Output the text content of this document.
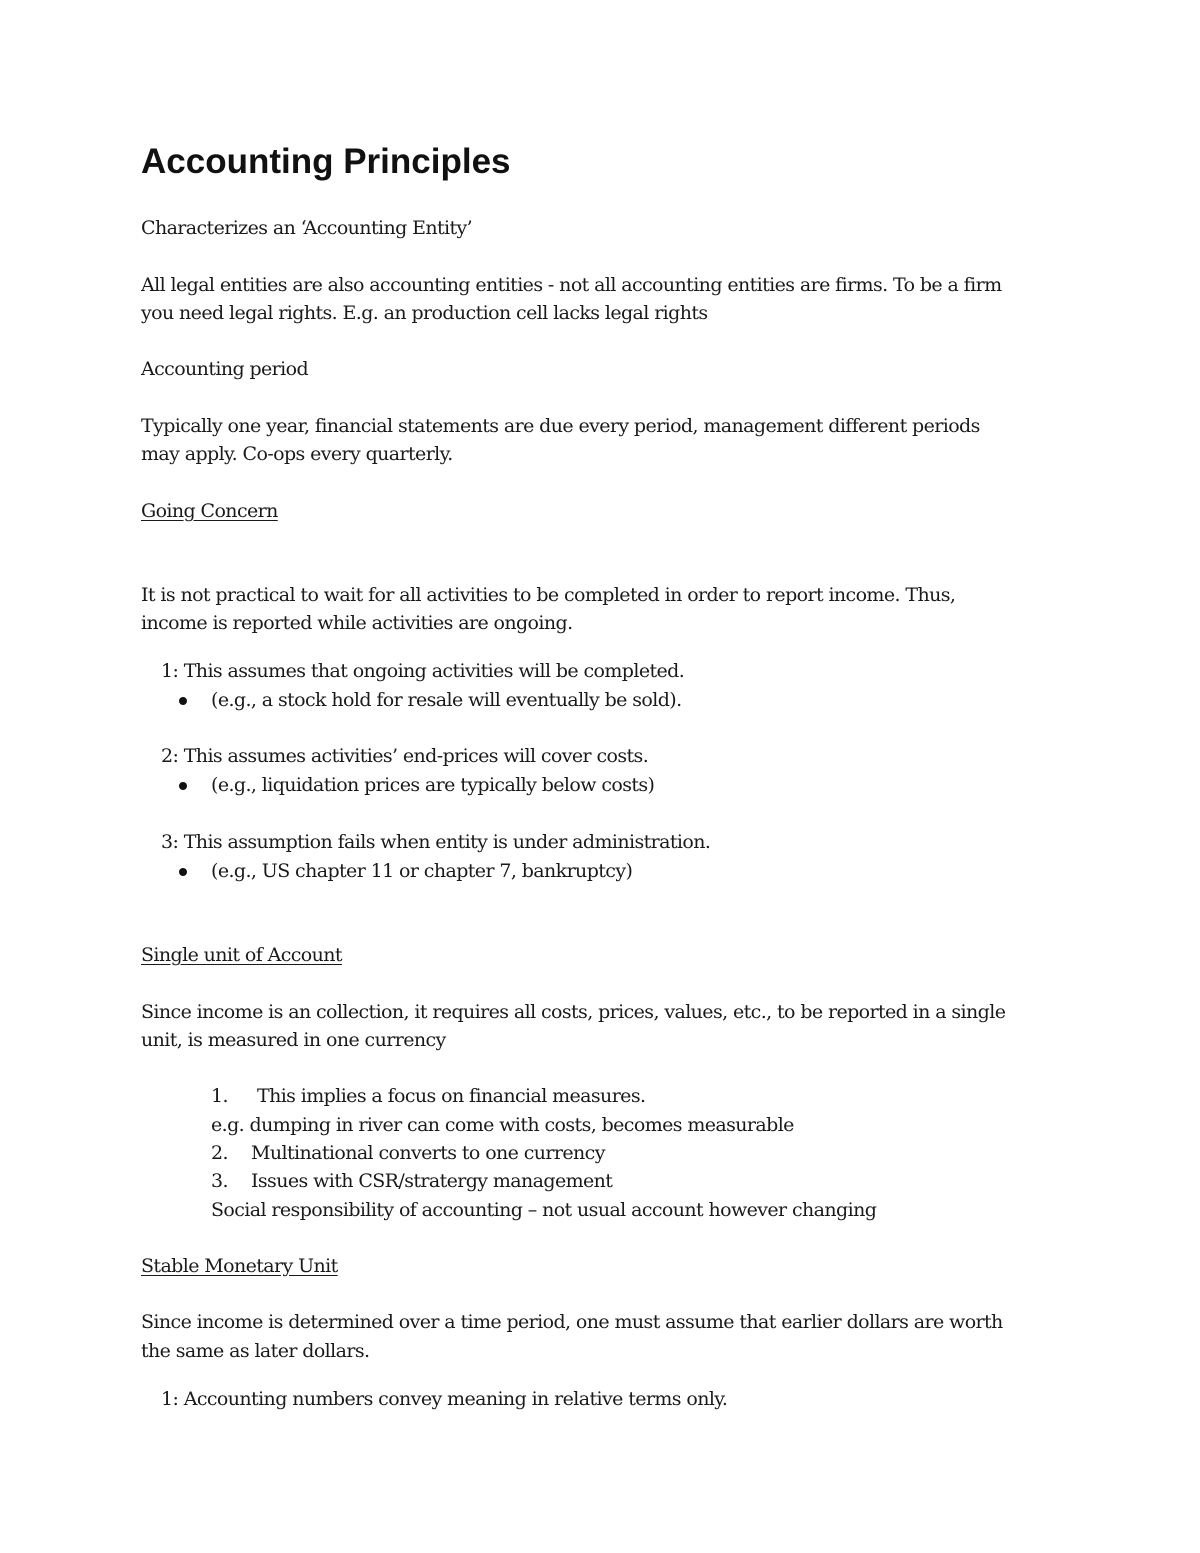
Accounting Principles

Characterizes an ‘Accounting Entity’

All legal entities are also accounting entities - not all accounting entities are firms. To be a firm

you need legal rights. E.g. an production cell lacks legal rights

Accounting period

Typically one year, financial statements are due every period, management different periods

may apply. Co-ops every quarterly.

Going Concern

It is not practical to wait for all activities to be completed in order to report income. Thus,

income is reported while activities are ongoing.

1: This assumes that ongoing activities will be completed.

(e.g., a stock hold for resale will eventually be sold).

2: This assumes activities’ end-prices will cover costs.

(e.g., liquidation prices are typically below costs)

3: This assumption fails when entity is under administration.

(e.g., US chapter 11 or chapter 7, bankruptcy)

Single unit of Account

Since income is an collection, it requires all costs, prices, values, etc., to be reported in a single

unit, is measured in one currency

1. This implies a focus on financial measures.

e.g. dumping in river can come with costs, becomes measurable

2. Multinational converts to one currency

3. Issues with CSR/stratergy management

Social responsibility of accounting – not usual account however changing

Stable Monetary Unit

Since income is determined over a time period, one must assume that earlier dollars are worth

the same as later dollars.

1: Accounting numbers convey meaning in relative terms only.
